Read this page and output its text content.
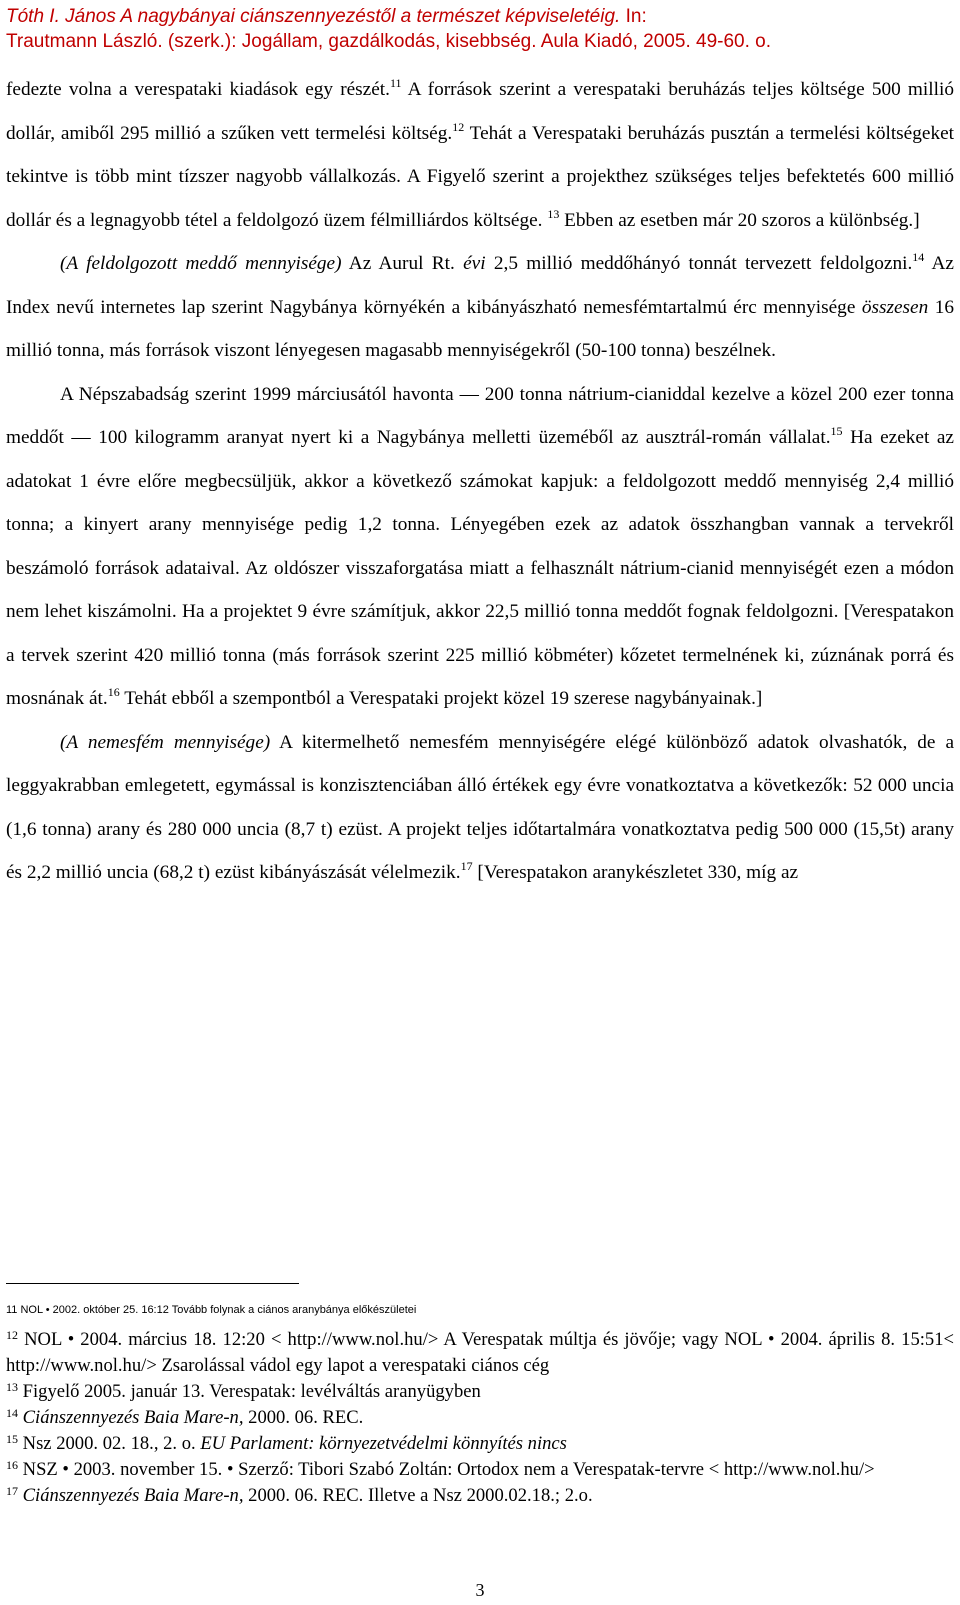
Tóth I. János A nagybányai ciánszennyezéstől a természet képviseletéig. In:
Trautmann László. (szerk.): Jogállam, gazdálkodás, kisebbség. Aula Kiadó, 2005. 49-60. o.

fedezte volna a verespataki kiadások egy részét.$^{11}$ A források szerint a verespataki beruházás teljes költsége 500 millió dollár, amiből 295 millió a szűken vett termelési költség.$^{12}$ Tehát a Verespataki beruházás pusztán a termelési költségeket tekintve is több mint tízszer nagyobb vállalkozás. A Figyelő szerint a projekthez szükséges teljes befektetés 600 millió dollár és a legnagyobb tétel a feldolgozó üzem félmilliárdos költsége. $^{13}$ Ebben az esetben már 20 szoros a különbség.]

(A feldolgozott meddő mennyisége) Az Aurul Rt. évi 2,5 millió meddőhányó tonnát tervezett feldolgozni.$^{14}$ Az Index nevű internetes lap szerint Nagybánya környékén a kibányászható nemesfémtartalmú érc mennyisége összesen 16 millió tonna, más források viszont lényegesen magasabb mennyiségekről (50-100 tonna) beszélnek.

A Népszabadság szerint 1999 márciusától havonta — 200 tonna nátrium-cianiddal kezelve a közel 200 ezer tonna meddőt — 100 kilogramm aranyat nyert ki a Nagybánya melletti üzeméből az ausztrál-román vállalat.$^{15}$ Ha ezeket az adatokat 1 évre előre megbecsüljük, akkor a következő számokat kapjuk: a feldolgozott meddő mennyiség 2,4 millió tonna; a kinyert arany mennyisége pedig 1,2 tonna. Lényegében ezek az adatok összhangban vannak a tervekről beszámoló források adataival. Az oldószer visszaforgatása miatt a felhasznált nátrium-cianid mennyiségét ezen a módon nem lehet kiszámolni. Ha a projektet 9 évre számítjuk, akkor 22,5 millió tonna meddőt fognak feldolgozni. [Verespatakon a tervek szerint 420 millió tonna (más források szerint 225 millió köbméter) kőzetet termelnének ki, zúznának porrá és mosnának át.$^{16}$ Tehát ebből a szempontból a Verespataki projekt közel 19 szerese nagybányainak.]

(A nemesfém mennyisége) A kitermelhető nemesfém mennyiségére elégé különböző adatok olvashatók, de a leggyakrabban emlegetett, egymással is konzisztenciában álló értékek egy évre vonatkoztatva a következők: 52 000 uncia (1,6 tonna) arany és 280 000 uncia (8,7 t) ezüst. A projekt teljes időtartalmára vonatkoztatva pedig 500 000 (15,5t) arany és 2,2 millió uncia (68,2 t) ezüst kibányászását vélelmezik.$^{17}$ [Verespatakon aranykészletet 330, míg az

11 NOL • 2002. október 25. 16:12 Tovább folynak a ciános aranybánya előkészületei

$^{12}$ NOL • 2004. március 18. 12:20 < http://www.nol.hu/> A Verespatak múltja és jövője; vagy NOL • 2004. április 8. 15:51< http://www.nol.hu/> Zsarolással vádol egy lapot a verespataki ciános cég

$^{13}$ Figyelő 2005. január 13. Verespatak: levélváltás aranyügyben

$^{14}$ Ciánszennyezés Baia Mare-n, 2000. 06. REC.

$^{15}$ Nsz 2000. 02. 18., 2. o. EU Parlament: környezetvédelmi könnyítés nincs

$^{16}$ NSZ • 2003. november 15. • Szerző: Tibori Szabó Zoltán: Ortodox nem a Verespatak-tervre < http://www.nol.hu/>

$^{17}$ Ciánszennyezés Baia Mare-n, 2000. 06. REC. Illetve a Nsz 2000.02.18.; 2.o.

3
